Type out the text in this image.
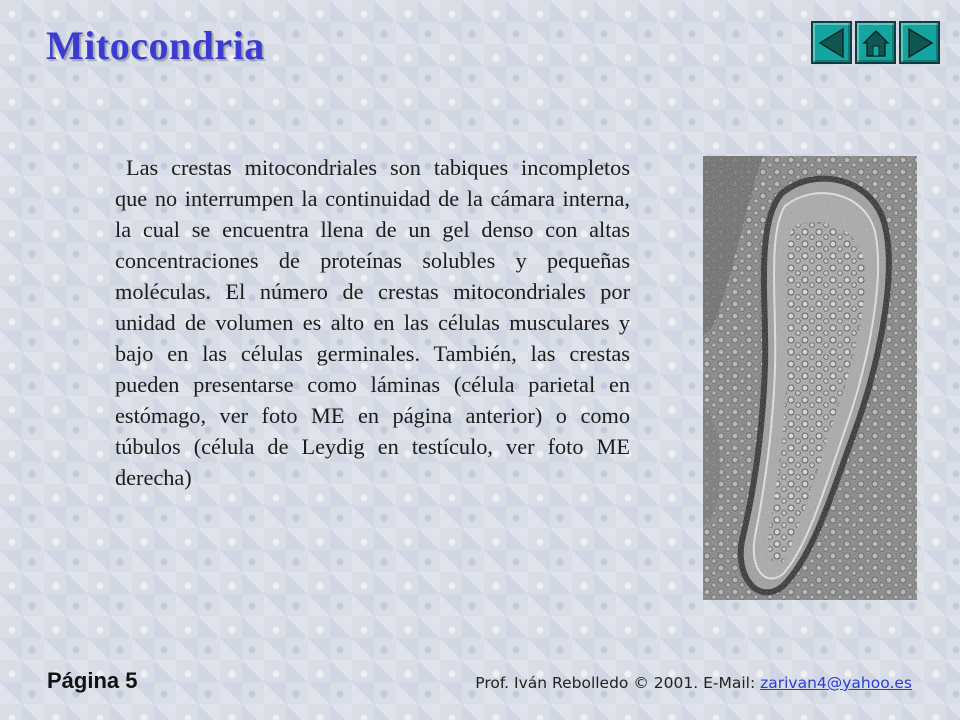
Mitocondria

Las crestas mitocondriales son tabiques incompletos que no interrumpen la continuidad de la cámara interna, la cual se encuentra llena de un gel denso con altas concentraciones de proteínas solubles y pequeñas moléculas. El número de crestas mitocondriales por unidad de volumen es alto en las células musculares y bajo en las células germinales. También, las crestas pueden presentarse como láminas (célula parietal en estómago, ver foto ME en página anterior) o como túbulos (célula de Leydig en testículo, ver foto ME derecha)

Página 5	Prof. Iván Rebolledo © 2001. E-Mail: zarivan4@yahoo.es
